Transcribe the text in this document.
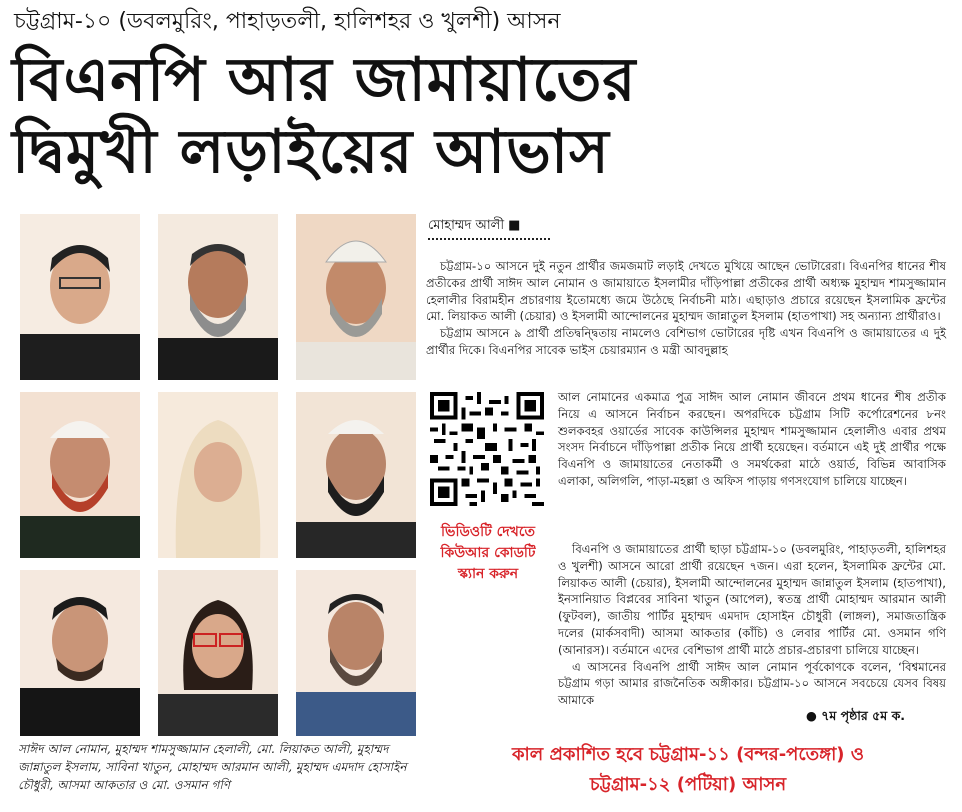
চট্টগ্রাম-১০ (ডবলমুরিং, পাহাড়তলী, হালিশহর ও খুলশী) আসন
বিএনপি আর জামায়াতের
দ্বিমুখী লড়াইয়ের আভাস
সাঈদ আল নোমান, মুহাম্মদ শামসুজ্জামান হেলালী, মো. লিয়াকত আলী, মুহাম্মদ জান্নাতুল ইসলাম, সাবিনা খাতুন, মোহাম্মদ আরমান আলী, মুহাম্মদ এমদাদ হোসাইন চৌধুরী, আসমা আকতার ও মো. ওসমান গণি
মোহাম্মদ আলী ■

চট্টগ্রাম-১০ আসনে দুই নতুন প্রার্থীর জমজমাট লড়াই দেখতে মুখিয়ে আছেন ভোটারেরা। বিএনপির ধানের শীষ প্রতীকের প্রার্থী সাঈদ আল নোমান ও জামায়াতে ইসলামীর দাঁড়িপাল্লা প্রতীকের প্রার্থী অধ্যক্ষ মুহাম্মদ শামসুজ্জামান হেলালীর বিরামহীন প্রচারণায় ইতোমধ্যে জমে উঠেছে নির্বাচনী মাঠ। এছাড়াও প্রচারে রয়েছেন ইসলামিক ফ্রন্টের মো. লিয়াকত আলী (চেয়ার) ও ইসলামী আন্দোলনের মুহাম্মদ জান্নাতুল ইসলাম (হাতপাখা) সহ অন্যান্য প্রার্থীরাও।

চট্টগ্রাম আসনে ৯ প্রার্থী প্রতিদ্বন্দ্বিতায় নামলেও বেশিভাগ ভোটারের দৃষ্টি এখন বিএনপি ও জামায়াতের এ দুই প্রার্থীর দিকে। বিএনপির সাবেক ভাইস চেয়ারম্যান ও মন্ত্রী আবদুল্লাহ

আল নোমানের একমাত্র পুত্র সাঈদ আল নোমান জীবনে প্রথম ধানের শীষ প্রতীক নিয়ে এ আসনে নির্বাচন করছেন। অপরদিকে চট্টগ্রাম সিটি কর্পোরেশনের ৮নং শুলকবহর ওয়ার্ডের সাবেক কাউন্সিলর মুহাম্মদ শামসুজ্জামান হেলালীও এবার প্রথম সংসদ নির্বাচনে দাঁড়িপাল্লা প্রতীক নিয়ে প্রার্থী হয়েছেন। বর্তমানে এই দুই প্রার্থীর পক্ষে বিএনপি ও জামায়াতের নেতাকর্মী ও সমর্থকেরা মাঠে ওয়ার্ড, বিভিন্ন আবাসিক এলাকা, অলিগলি, পাড়া-মহল্লা ও অফিস পাড়ায় গণসংযোগ চালিয়ে যাচ্ছেন।

ভিডিওটি দেখতে
কিউআর কোডটি
স্ক্যান করুন

বিএনপি ও জামায়াতের প্রার্থী ছাড়া চট্টগ্রাম-১০ (ডবলমুরিং, পাহাড়তলী, হালিশহর ও খুলশী) আসনে আরো প্রার্থী রয়েছেন ৭জন। এরা হলেন, ইসলামিক ফ্রন্টের মো. লিয়াকত আলী (চেয়ার), ইসলামী আন্দোলনের মুহাম্মদ জান্নাতুল ইসলাম (হাতপাখা), ইনসানিয়াত বিপ্লবের সাবিনা খাতুন (আপেল), স্বতন্ত্র প্রার্থী মোহাম্মদ আরমান আলী (ফুটবল), জাতীয় পার্টির মুহাম্মদ এমদাদ হোসাইন চৌধুরী (লাঙ্গল), সমাজতান্ত্রিক দলের (মার্কসবাদী) আসমা আকতার (কাঁচি) ও লেবার পার্টির মো. ওসমান গণি (আনারস)। বর্তমানে এদের বেশিভাগ প্রার্থী মাঠে প্রচার-প্রচারণা চালিয়ে যাচ্ছেন।

এ আসনের বিএনপি প্রার্থী সাঈদ আল নোমান পূর্বকোণকে বলেন, ‘বিশ্বমানের চট্টগ্রাম গড়া আমার রাজনৈতিক অঙ্গীকার। চট্টগ্রাম-১০ আসনে সবচেয়ে যেসব বিষয় আমাকে

● ৭ম পৃষ্ঠার ৫ম ক.
কাল প্রকাশিত হবে চট্টগ্রাম-১১ (বন্দর-পতেঙ্গা) ও
চট্টগ্রাম-১২ (পটিয়া) আসন
